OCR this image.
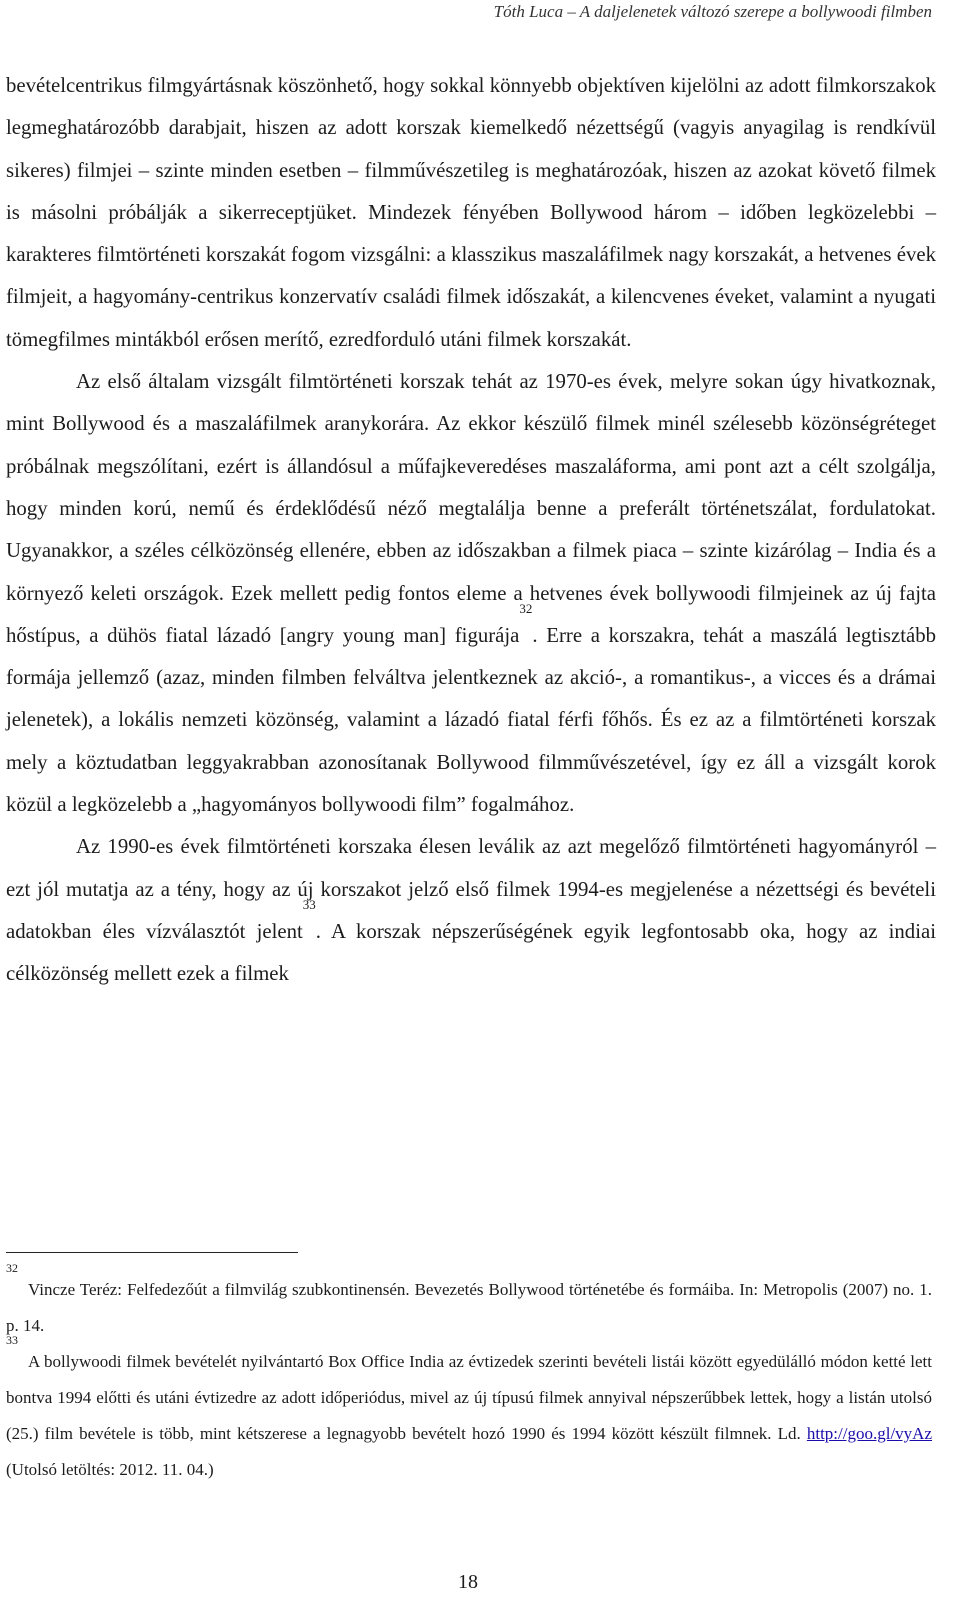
Tóth Luca – A daljelenetek változó szerepe a bollywoodi filmben

bevételcentrikus filmgyártásnak köszönhető, hogy sokkal könnyebb objektíven kijelölni az adott filmkorszakok legmeghatározóbb darabjait, hiszen az adott korszak kiemelkedő nézettségű (vagyis anyagilag is rendkívül sikeres) filmjei – szinte minden esetben – filmművészetileg is meghatározóak, hiszen az azokat követő filmek is másolni próbálják a sikerreceptjüket. Mindezek fényében Bollywood három – időben legközelebbi – karakteres filmtörténeti korszakát fogom vizsgálni: a klasszikus maszaláfilmek nagy korszakát, a hetvenes évek filmjeit, a hagyomány-centrikus konzervatív családi filmek időszakát, a kilencvenes éveket, valamint a nyugati tömegfilmes mintákból erősen merítő, ezredforduló utáni filmek korszakát.

Az első általam vizsgált filmtörténeti korszak tehát az 1970-es évek, melyre sokan úgy hivatkoznak, mint Bollywood és a maszaláfilmek aranykorára. Az ekkor készülő filmek minél szélesebb közönségréteget próbálnak megszólítani, ezért is állandósul a műfajkeveredéses maszaláforma, ami pont azt a célt szolgálja, hogy minden korú, nemű és érdeklődésű néző megtalálja benne a preferált történetszálat, fordulatokat. Ugyanakkor, a széles célközönség ellenére, ebben az időszakban a filmek piaca – szinte kizárólag – India és a környező keleti országok. Ezek mellett pedig fontos eleme a hetvenes évek bollywoodi filmjeinek az új fajta hőstípus, a dühös fiatal lázadó [angry young man] figurája$^{32}$. Erre a korszakra, tehát a maszálá legtisztább formája jellemző (azaz, minden filmben felváltva jelentkeznek az akció-, a romantikus-, a vicces és a drámai jelenetek), a lokális nemzeti közönség, valamint a lázadó fiatal férfi főhős. És ez az a filmtörténeti korszak mely a köztudatban leggyakrabban azonosítanak Bollywood filmművészetével, így ez áll a vizsgált korok közül a legközelebb a „hagyományos bollywoodi film” fogalmához.

Az 1990-es évek filmtörténeti korszaka élesen leválik az azt megelőző filmtörténeti hagyományról – ezt jól mutatja az a tény, hogy az új korszakot jelző első filmek 1994-es megjelenése a nézettségi és bevételi adatokban éles vízválasztót jelent$^{33}$. A korszak népszerűségének egyik legfontosabb oka, hogy az indiai célközönség mellett ezek a filmek

$^{32}$Vincze Teréz: Felfedezőút a filmvilág szubkontinensén. Bevezetés Bollywood történetébe és formáiba. In: Metropolis (2007) no. 1. p. 14.

$^{33}$A bollywoodi filmek bevételét nyilvántartó Box Office India az évtizedek szerinti bevételi listái között egyedülálló módon ketté lett bontva 1994 előtti és utáni évtizedre az adott időperiódus, mivel az új típusú filmek annyival népszerűbbek lettek, hogy a listán utolsó (25.) film bevétele is több, mint kétszerese a legnagyobb bevételt hozó 1990 és 1994 között készült filmnek. Ld. http://goo.gl/vyAz (Utolsó letöltés: 2012. 11. 04.)

18
